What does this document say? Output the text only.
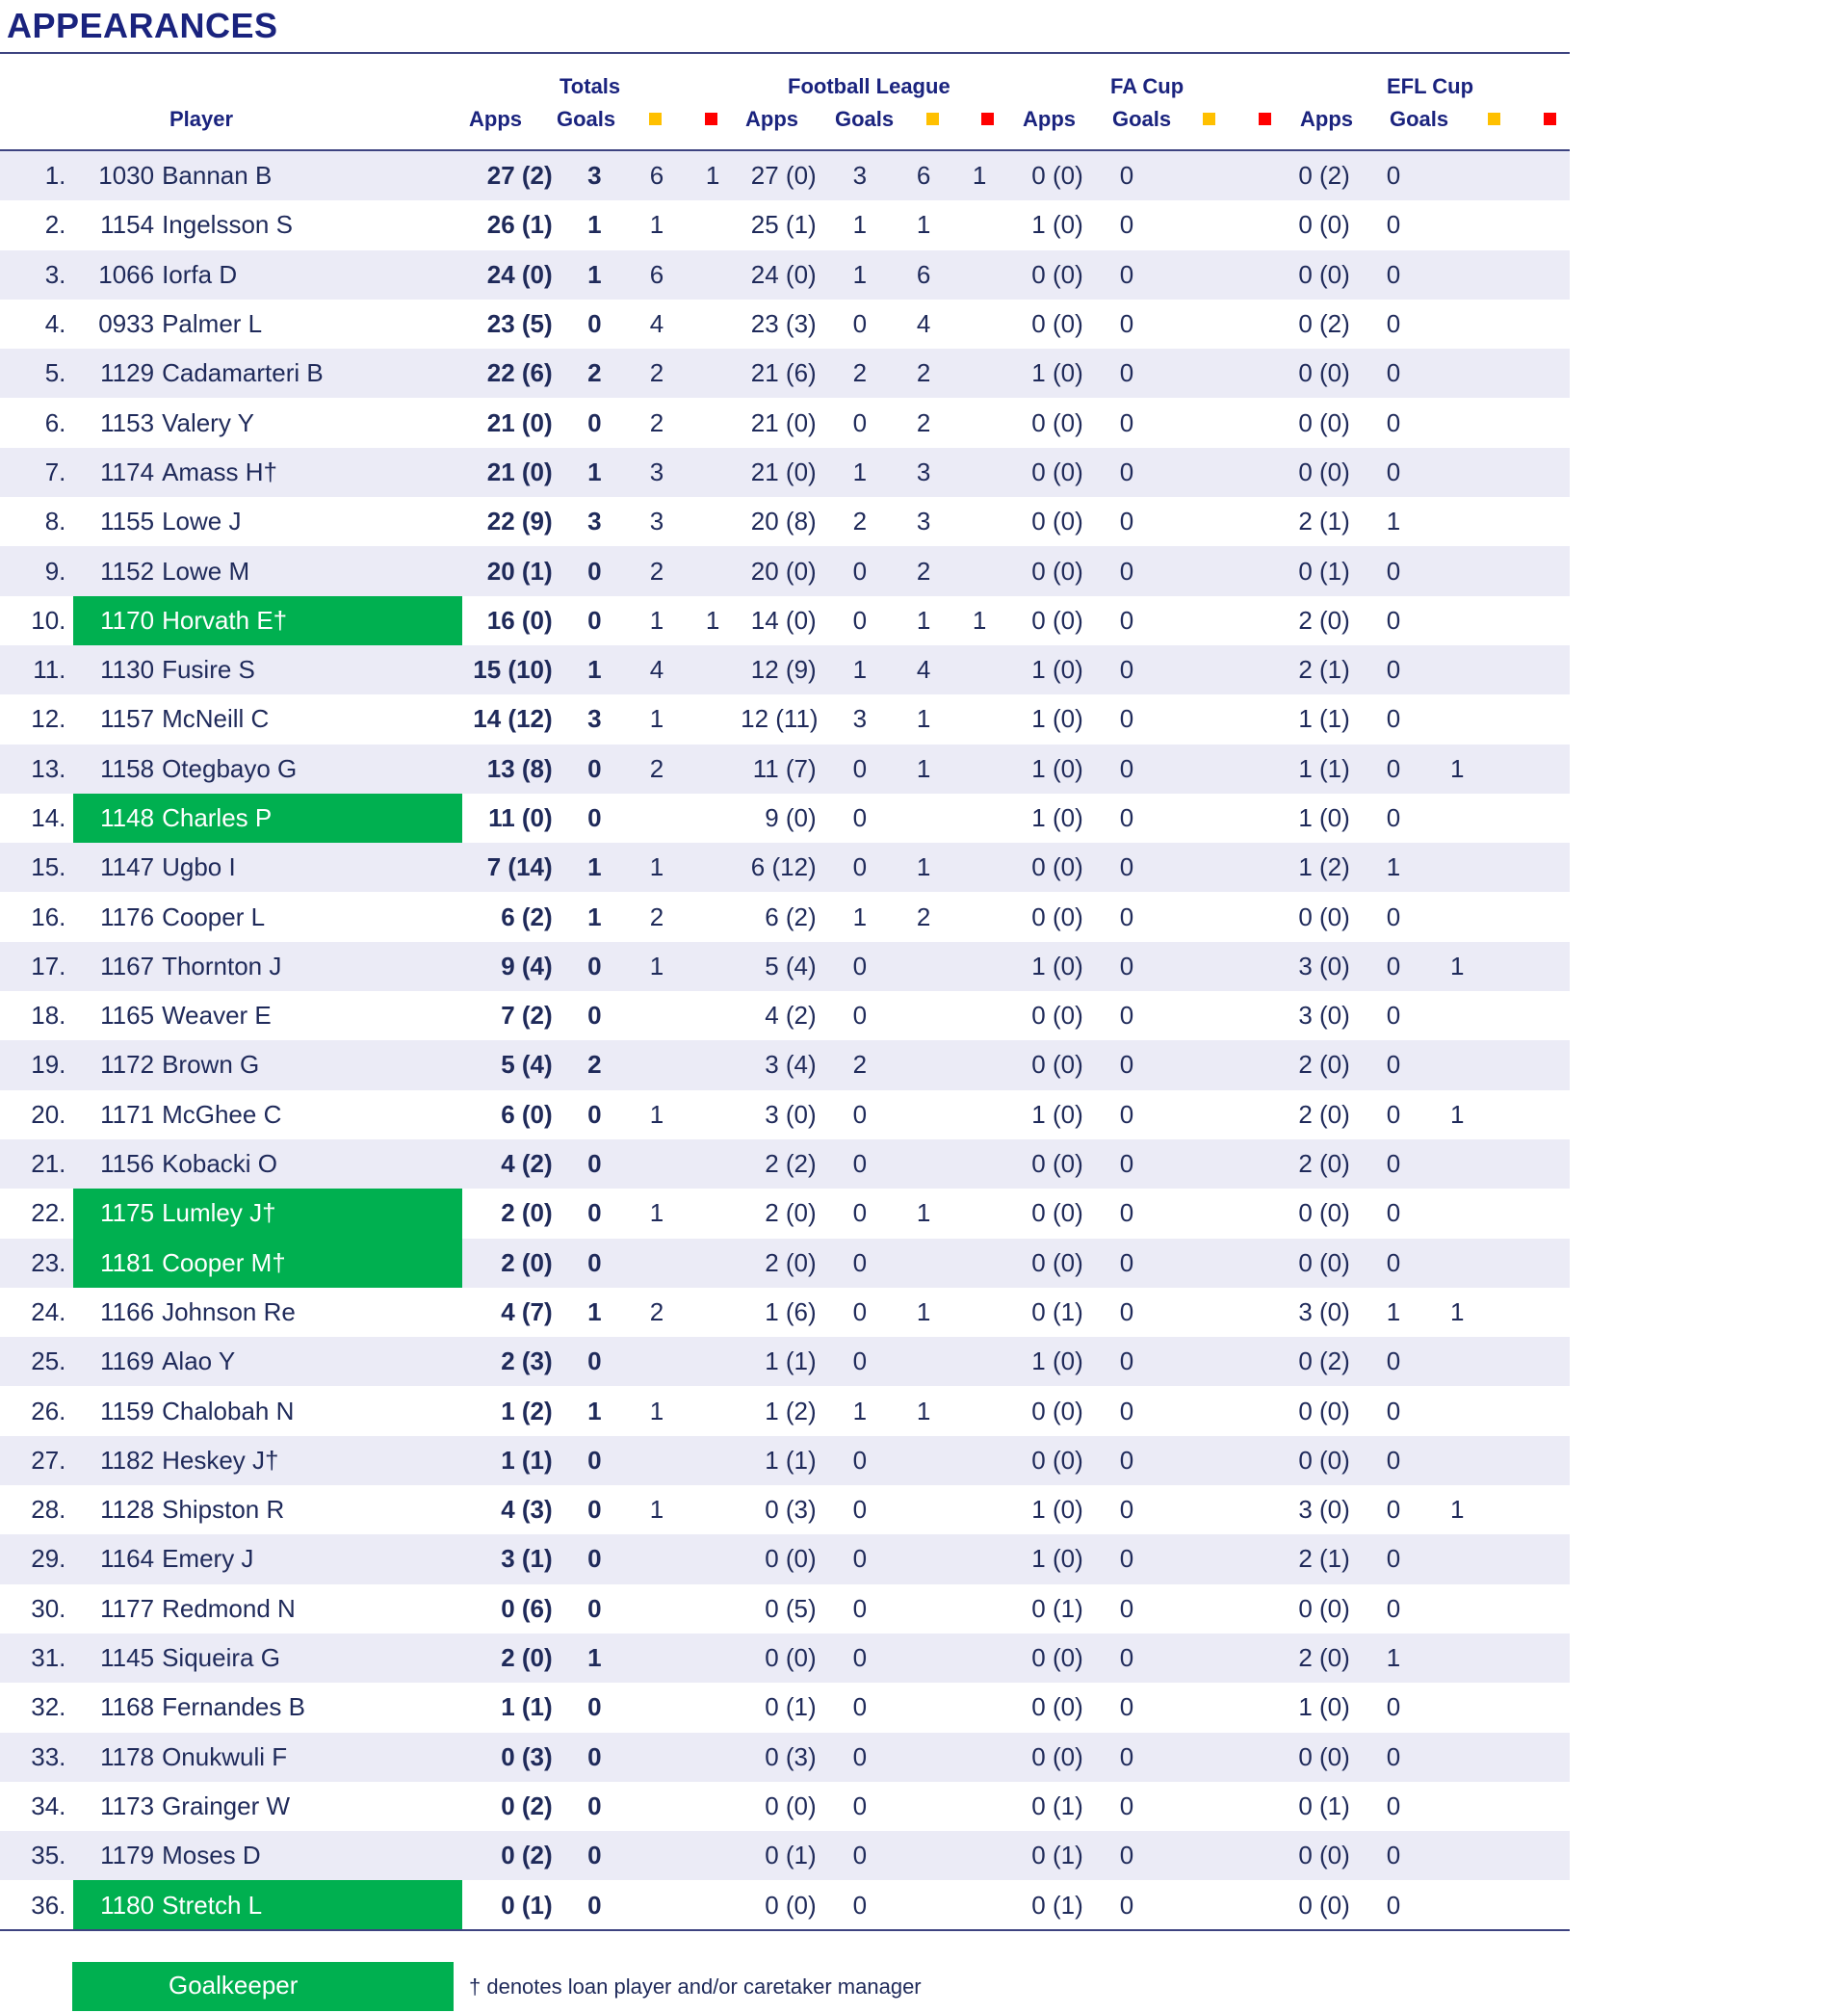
APPEARANCES
Totals	Football League	FA Cup	EFL Cup
Player	Apps Goals	Apps Goals	Apps Goals	Apps Goals
1.	1030	Bannan B	27 (2)	3	6	1	27 (0)	3	6	1	0 (0)	0			0 (2)	0		
2.	1154	Ingelsson S	26 (1)	1	1		25 (1)	1	1		1 (0)	0			0 (0)	0		
3.	1066	Iorfa D	24 (0)	1	6		24 (0)	1	6		0 (0)	0			0 (0)	0		
4.	0933	Palmer L	23 (5)	0	4		23 (3)	0	4		0 (0)	0			0 (2)	0		
5.	1129	Cadamarteri B	22 (6)	2	2		21 (6)	2	2		1 (0)	0			0 (0)	0		
6.	1153	Valery Y	21 (0)	0	2		21 (0)	0	2		0 (0)	0			0 (0)	0		
7.	1174	Amass H†	21 (0)	1	3		21 (0)	1	3		0 (0)	0			0 (0)	0		
8.	1155	Lowe J	22 (9)	3	3		20 (8)	2	3		0 (0)	0			2 (1)	1		
9.	1152	Lowe M	20 (1)	0	2		20 (0)	0	2		0 (0)	0			0 (1)	0		
10.	1170	Horvath E†	16 (0)	0	1	1	14 (0)	0	1	1	0 (0)	0			2 (0)	0		
11.	1130	Fusire S	15 (10)	1	4		12 (9)	1	4		1 (0)	0			2 (1)	0		
12.	1157	McNeill C	14 (12)	3	1		12 (11)	3	1		1 (0)	0			1 (1)	0		
13.	1158	Otegbayo G	13 (8)	0	2		11 (7)	0	1		1 (0)	0			1 (1)	0	1	
14.	1148	Charles P	11 (0)	0			9 (0)	0			1 (0)	0			1 (0)	0		
15.	1147	Ugbo I	7 (14)	1	1		6 (12)	0	1		0 (0)	0			1 (2)	1		
16.	1176	Cooper L	6 (2)	1	2		6 (2)	1	2		0 (0)	0			0 (0)	0		
17.	1167	Thornton J	9 (4)	0	1		5 (4)	0			1 (0)	0			3 (0)	0	1	
18.	1165	Weaver E	7 (2)	0			4 (2)	0			0 (0)	0			3 (0)	0		
19.	1172	Brown G	5 (4)	2			3 (4)	2			0 (0)	0			2 (0)	0		
20.	1171	McGhee C	6 (0)	0	1		3 (0)	0			1 (0)	0			2 (0)	0	1	
21.	1156	Kobacki O	4 (2)	0			2 (2)	0			0 (0)	0			2 (0)	0		
22.	1175	Lumley J†	2 (0)	0	1		2 (0)	0	1		0 (0)	0			0 (0)	0		
23.	1181	Cooper M†	2 (0)	0			2 (0)	0			0 (0)	0			0 (0)	0		
24.	1166	Johnson Re	4 (7)	1	2		1 (6)	0	1		0 (1)	0			3 (0)	1	1	
25.	1169	Alao Y	2 (3)	0			1 (1)	0			1 (0)	0			0 (2)	0		
26.	1159	Chalobah N	1 (2)	1	1		1 (2)	1	1		0 (0)	0			0 (0)	0		
27.	1182	Heskey J†	1 (1)	0			1 (1)	0			0 (0)	0			0 (0)	0		
28.	1128	Shipston R	4 (3)	0	1		0 (3)	0			1 (0)	0			3 (0)	0	1	
29.	1164	Emery J	3 (1)	0			0 (0)	0			1 (0)	0			2 (1)	0		
30.	1177	Redmond N	0 (6)	0			0 (5)	0			0 (1)	0			0 (0)	0		
31.	1145	Siqueira G	2 (0)	1			0 (0)	0			0 (0)	0			2 (0)	1		
32.	1168	Fernandes B	1 (1)	0			0 (1)	0			0 (0)	0			1 (0)	0		
33.	1178	Onukwuli F	0 (3)	0			0 (3)	0			0 (0)	0			0 (0)	0		
34.	1173	Grainger W	0 (2)	0			0 (0)	0			0 (1)	0			0 (1)	0		
35.	1179	Moses D	0 (2)	0			0 (1)	0			0 (1)	0			0 (0)	0		
36.	1180	Stretch L	0 (1)	0			0 (0)	0			0 (1)	0			0 (0)	0		
Goalkeeper	† denotes loan player and/or caretaker manager
